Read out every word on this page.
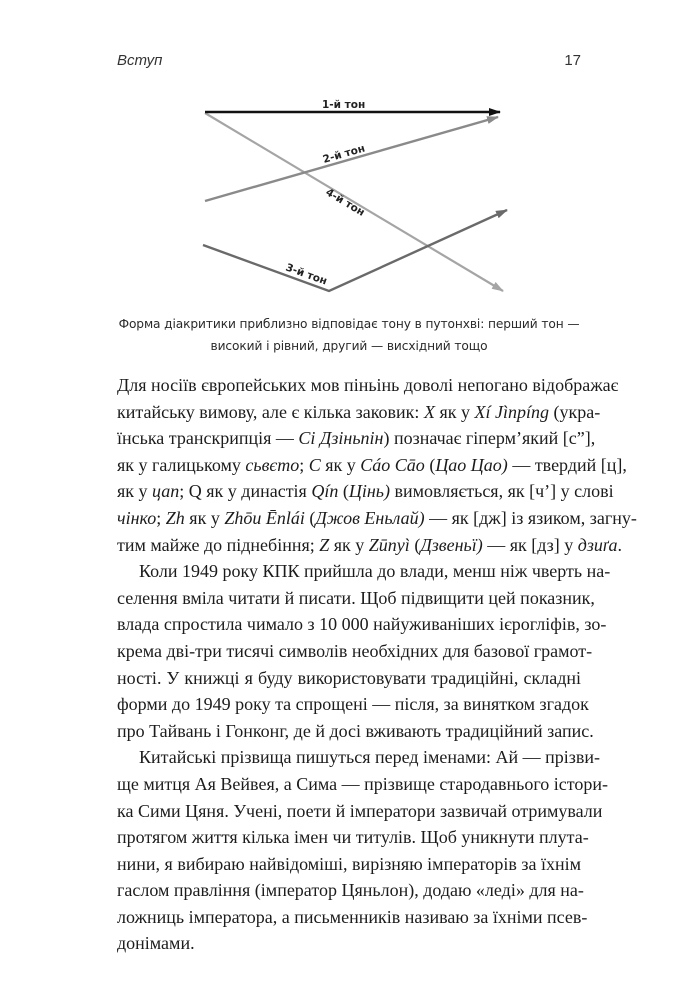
Вступ	17
1-й тон
2-й тон
4-й тон
3-й тон
Форма діакритики приблизно відповідає тону в путонхві: перший тон —
високий і рівний, другий — висхідний тощо
Для носіїв європейських мов піньінь доволі непогано відображає
китайську вимову, але є кілька заковик: X як у Xí Jìnpíng (укра-
їнська транскрипція — Сі Дзіньпін) позначає гіперм’який [с”],
як у галицькому сьвєто; C як у Cáo Cāo (Цао Цао) — твердий [ц],
як у цап; Q як у династія Qín (Цінь) вимовляється, як [ч’] у слові
чінко; Zh як у Zhōu Ēnlái (Джов Еньлай) — як [дж] із язиком, загну-
тим майже до піднебіння; Z як у Zūnyì (Дзвеньї) — як [дз] у дзиґа.
Коли 1949 року КПК прийшла до влади, менш ніж чверть на-
селення вміла читати й писати. Щоб підвищити цей показник,
влада спростила чимало з 10 000 найуживаніших ієрогліфів, зо-
крема дві-три тисячі символів необхідних для базової грамот-
ності. У книжці я буду використовувати традиційні, складні
форми до 1949 року та спрощені — після, за винятком згадок
про Тайвань і Гонконг, де й досі вживають традиційний запис.
Китайські прізвища пишуться перед іменами: Ай — прізви-
ще митця Ая Вейвея, а Сима — прізвище стародавнього істори-
ка Сими Цяня. Учені, поети й імператори зазвичай отримували
протягом життя кілька імен чи титулів. Щоб уникнути плута-
нини, я вибираю найвідоміші, вирізняю імператорів за їхнім
гаслом правління (імператор Цяньлон), додаю «леді» для на-
ложниць імператора, а письменників називаю за їхніми псев-
донімами.
